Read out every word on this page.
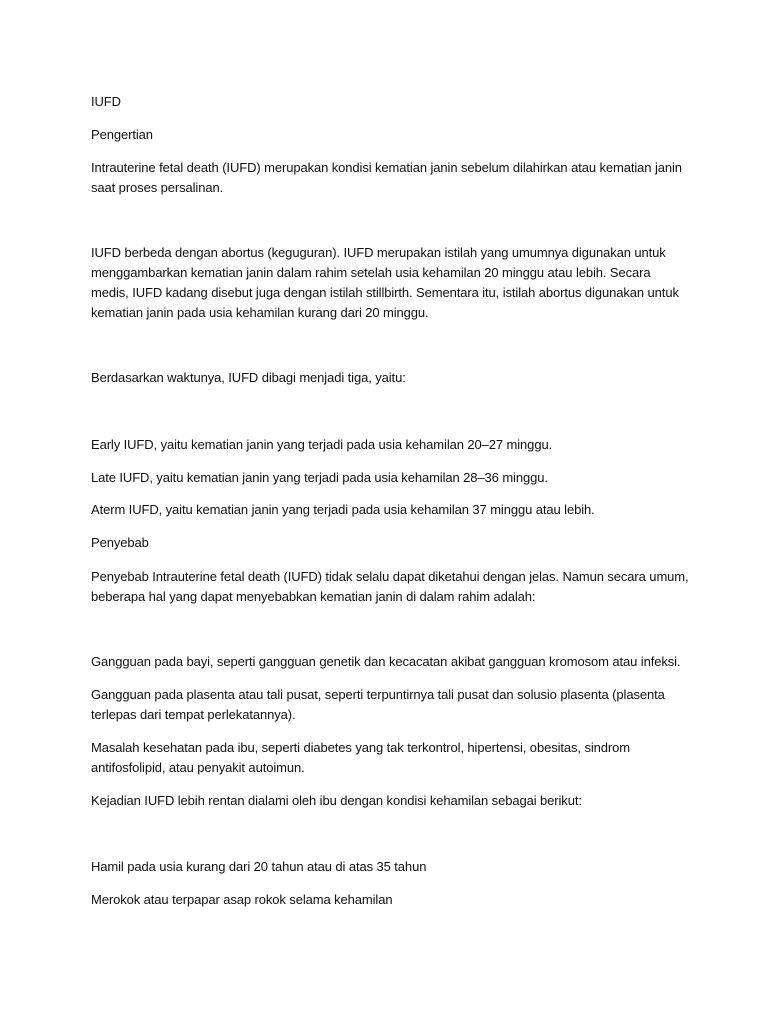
IUFD

Pengertian

Intrauterine fetal death (IUFD) merupakan kondisi kematian janin sebelum dilahirkan atau kematian janin saat proses persalinan.

IUFD berbeda dengan abortus (keguguran). IUFD merupakan istilah yang umumnya digunakan untuk menggambarkan kematian janin dalam rahim setelah usia kehamilan 20 minggu atau lebih. Secara medis, IUFD kadang disebut juga dengan istilah stillbirth. Sementara itu, istilah abortus digunakan untuk kematian janin pada usia kehamilan kurang dari 20 minggu.

Berdasarkan waktunya, IUFD dibagi menjadi tiga, yaitu:

Early IUFD, yaitu kematian janin yang terjadi pada usia kehamilan 20–27 minggu.

Late IUFD, yaitu kematian janin yang terjadi pada usia kehamilan 28–36 minggu.

Aterm IUFD, yaitu kematian janin yang terjadi pada usia kehamilan 37 minggu atau lebih.

Penyebab

Penyebab Intrauterine fetal death (IUFD) tidak selalu dapat diketahui dengan jelas. Namun secara umum, beberapa hal yang dapat menyebabkan kematian janin di dalam rahim adalah:

Gangguan pada bayi, seperti gangguan genetik dan kecacatan akibat gangguan kromosom atau infeksi.

Gangguan pada plasenta atau tali pusat, seperti terpuntirnya tali pusat dan solusio plasenta (plasenta terlepas dari tempat perlekatannya).

Masalah kesehatan pada ibu, seperti diabetes yang tak terkontrol, hipertensi, obesitas, sindrom antifosfolipid, atau penyakit autoimun.

Kejadian IUFD lebih rentan dialami oleh ibu dengan kondisi kehamilan sebagai berikut:

Hamil pada usia kurang dari 20 tahun atau di atas 35 tahun

Merokok atau terpapar asap rokok selama kehamilan
